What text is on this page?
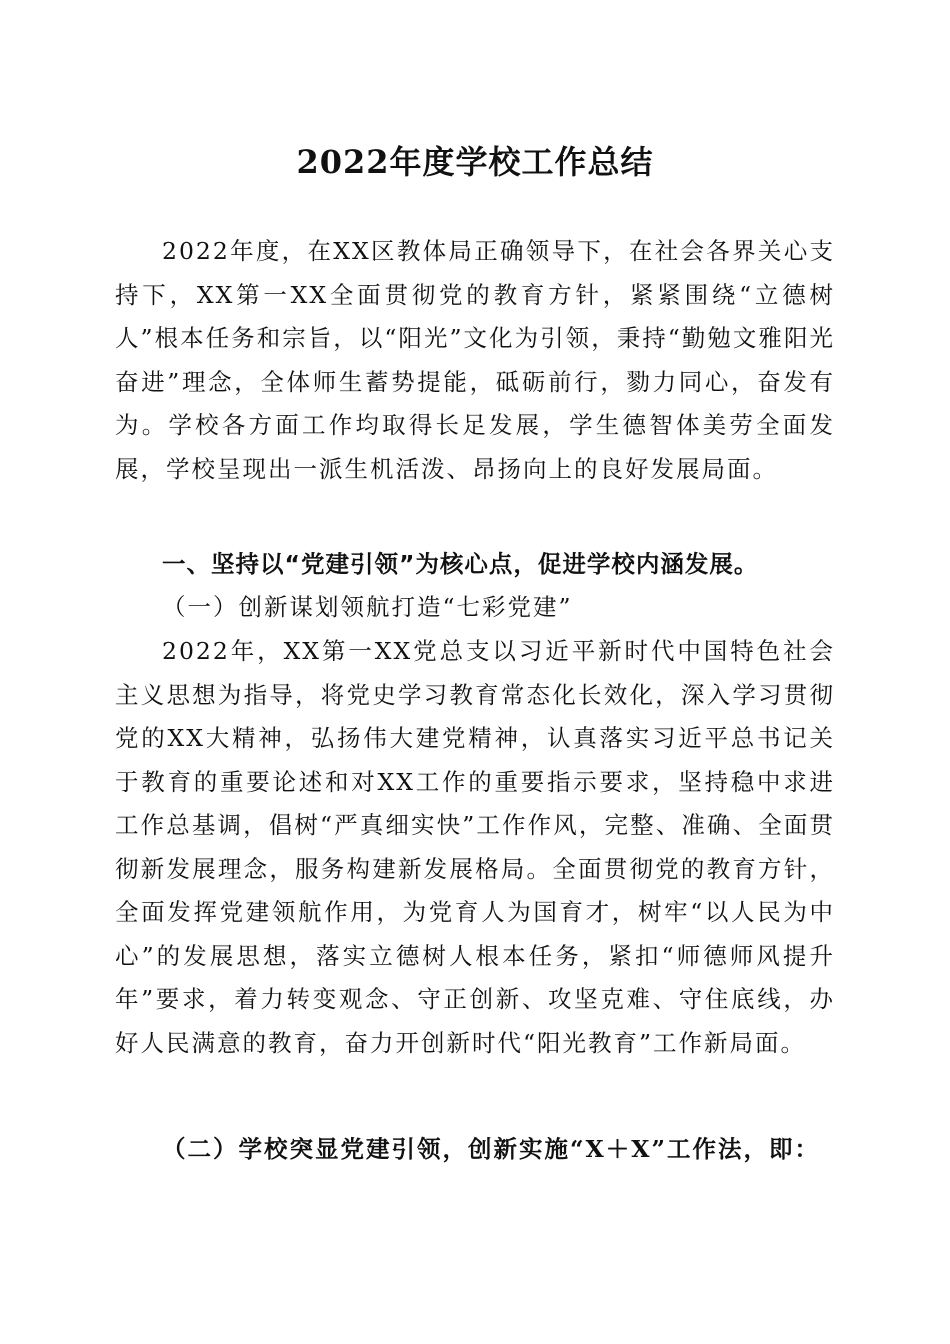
2022年度学校工作总结

2022年度，在XX区教体局正确领导下，在社会各界关心支持下，XX第一XX全面贯彻党的教育方针，紧紧围绕“立德树人”根本任务和宗旨，以“阳光”文化为引领，秉持“勤勉文雅阳光奋进”理念，全体师生蓄势提能，砥砺前行，勠力同心，奋发有为。学校各方面工作均取得长足发展，学生德智体美劳全面发展，学校呈现出一派生机活泼、昂扬向上的良好发展局面。

一、坚持以“党建引领”为核心点，促进学校内涵发展。

（一）创新谋划领航打造“七彩党建”

2022年，XX第一XX党总支以习近平新时代中国特色社会主义思想为指导，将党史学习教育常态化长效化，深入学习贯彻党的XX大精神，弘扬伟大建党精神，认真落实习近平总书记关于教育的重要论述和对XX工作的重要指示要求，坚持稳中求进工作总基调，倡树“严真细实快”工作作风，完整、准确、全面贯彻新发展理念，服务构建新发展格局。全面贯彻党的教育方针，全面发挥党建领航作用，为党育人为国育才，树牢“以人民为中心”的发展思想，落实立德树人根本任务，紧扣“师德师风提升年”要求，着力转变观念、守正创新、攻坚克难、守住底线，办好人民满意的教育，奋力开创新时代“阳光教育”工作新局面。

（二）学校突显党建引领，创新实施“X＋X”工作法，即：
